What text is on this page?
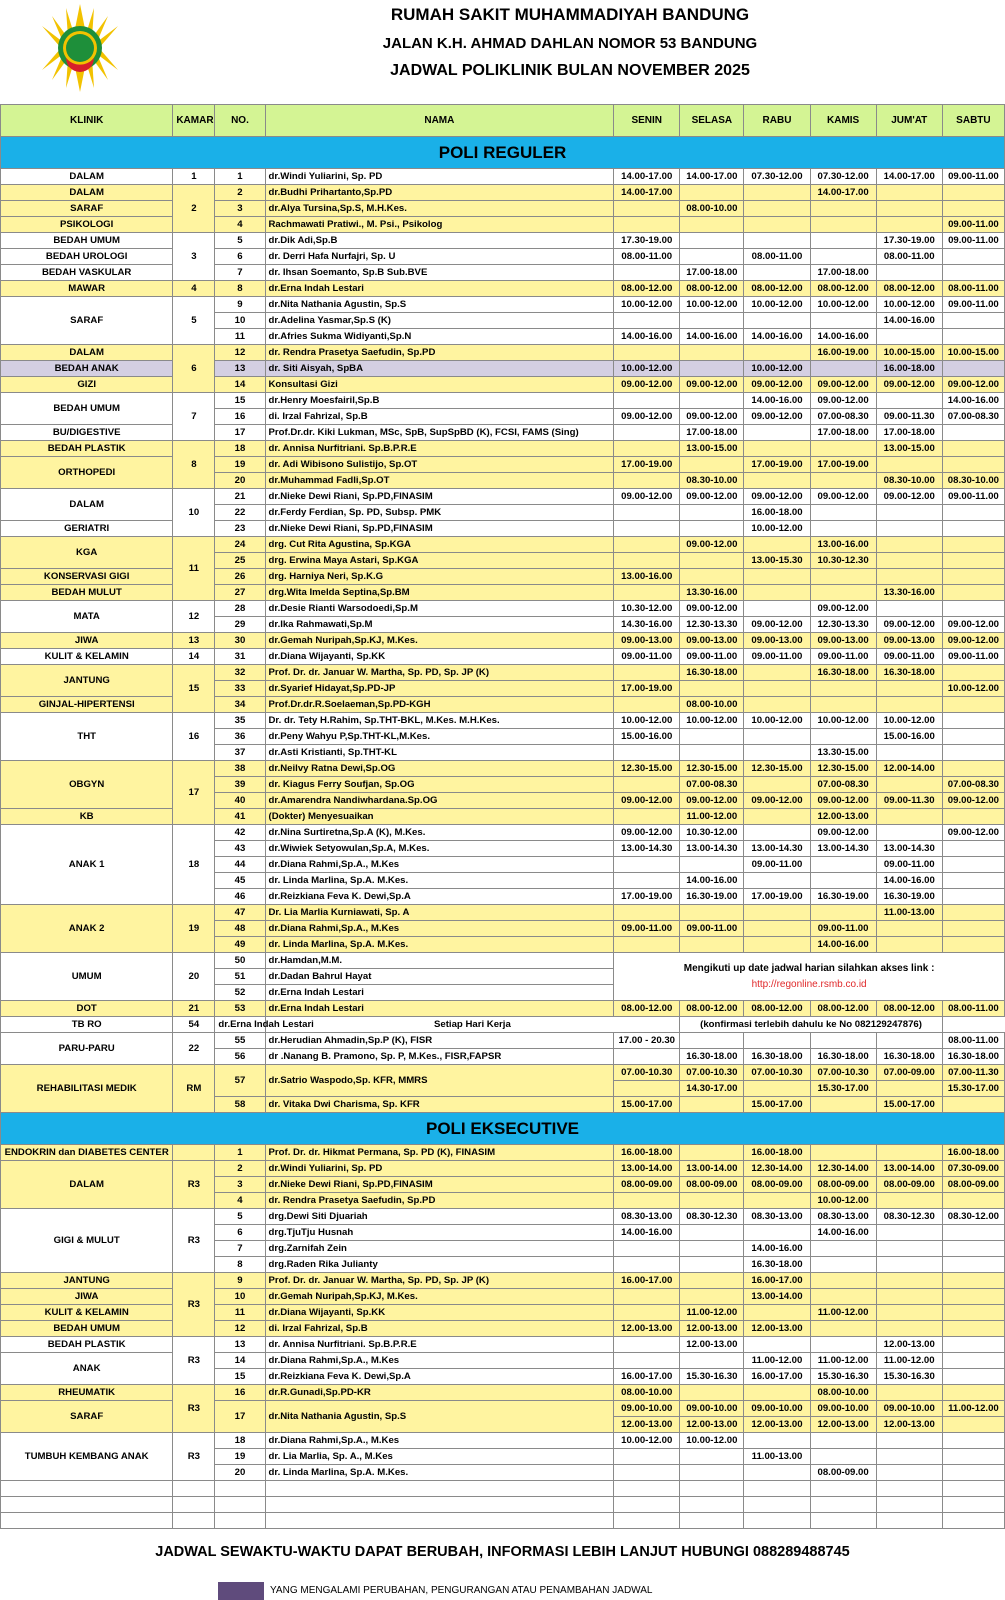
RUMAH SAKIT MUHAMMADIYAH BANDUNG
JALAN K.H. AHMAD DAHLAN NOMOR 53 BANDUNG
JADWAL POLIKLINIK BULAN NOVEMBER 2025
KLINIK	KAMAR	NO.	NAMA	SENIN	SELASA	RABU	KAMIS	JUM'AT	SABTU
POLI REGULER									
DALAM	1	1	dr.Windi Yuliarini, Sp. PD	14.00-17.00	14.00-17.00	07.30-12.00	07.30-12.00	14.00-17.00	09.00-11.00
DALAM	2	2	dr.Budhi Prihartanto,Sp.PD	14.00-17.00			14.00-17.00		
SARAF		3	dr.Alya Tursina,Sp.S, M.H.Kes.		08.00-10.00				
PSIKOLOGI		4	Rachmawati Pratiwi., M. Psi., Psikolog						09.00-11.00
BEDAH UMUM	3	5	dr.Dik Adi,Sp.B	17.30-19.00				17.30-19.00	09.00-11.00
BEDAH UROLOGI		6	dr. Derri Hafa Nurfajri, Sp. U	08.00-11.00		08.00-11.00		08.00-11.00	
BEDAH VASKULAR		7	dr. Ihsan Soemanto, Sp.B Sub.BVE		17.00-18.00		17.00-18.00		
MAWAR	4	8	dr.Erna Indah Lestari	08.00-12.00	08.00-12.00	08.00-12.00	08.00-12.00	08.00-12.00	08.00-11.00
SARAF	5	9	dr.Nita Nathania Agustin, Sp.S	10.00-12.00	10.00-12.00	10.00-12.00	10.00-12.00	10.00-12.00	09.00-11.00
		10	dr.Adelina Yasmar,Sp.S (K)					14.00-16.00	
		11	dr.Afries Sukma Widiyanti,Sp.N	14.00-16.00	14.00-16.00	14.00-16.00	14.00-16.00		
DALAM	6	12	dr. Rendra Prasetya Saefudin, Sp.PD				16.00-19.00	10.00-15.00	10.00-15.00
BEDAH ANAK		13	dr. Siti Aisyah, SpBA	10.00-12.00		10.00-12.00		16.00-18.00	
GIZI		14	Konsultasi Gizi	09.00-12.00	09.00-12.00	09.00-12.00	09.00-12.00	09.00-12.00	09.00-12.00
BEDAH UMUM	7	15	dr.Henry Moesfairil,Sp.B			14.00-16.00	09.00-12.00		14.00-16.00
		16	di. Irzal Fahrizal, Sp.B	09.00-12.00	09.00-12.00	09.00-12.00	07.00-08.30	09.00-11.30	07.00-08.30
BU/DIGESTIVE		17	Prof.Dr.dr. Kiki Lukman, MSc, SpB, SupSpBD (K), FCSI, FAMS (Sing)		17.00-18.00		17.00-18.00	17.00-18.00	
BEDAH PLASTIK	8	18	dr. Annisa Nurfitriani. Sp.B.P.R.E		13.00-15.00			13.00-15.00	
ORTHOPEDI		19	dr. Adi Wibisono Sulistijo, Sp.OT	17.00-19.00		17.00-19.00	17.00-19.00		
		20	dr.Muhammad Fadli,Sp.OT		08.30-10.00			08.30-10.00	08.30-10.00
DALAM	10	21	dr.Nieke Dewi Riani, Sp.PD,FINASIM	09.00-12.00	09.00-12.00	09.00-12.00	09.00-12.00	09.00-12.00	09.00-11.00
		22	dr.Ferdy Ferdian, Sp. PD, Subsp. PMK			16.00-18.00			
GERIATRI		23	dr.Nieke Dewi Riani, Sp.PD,FINASIM			10.00-12.00			
KGA	11	24	drg. Cut Rita Agustina, Sp.KGA		09.00-12.00		13.00-16.00		
		25	drg. Erwina Maya Astari, Sp.KGA			13.00-15.30	10.30-12.30		
KONSERVASI GIGI		26	drg. Harniya Neri, Sp.K.G	13.00-16.00					
BEDAH MULUT		27	drg.Wita Imelda Septina,Sp.BM		13.30-16.00			13.30-16.00	
MATA	12	28	dr.Desie Rianti Warsodoedi,Sp.M	10.30-12.00	09.00-12.00		09.00-12.00		
		29	dr.Ika Rahmawati,Sp.M	14.30-16.00	12.30-13.30	09.00-12.00	12.30-13.30	09.00-12.00	09.00-12.00
JIWA	13	30	dr.Gemah Nuripah,Sp.KJ, M.Kes.	09.00-13.00	09.00-13.00	09.00-13.00	09.00-13.00	09.00-13.00	09.00-12.00
KULIT & KELAMIN	14	31	dr.Diana Wijayanti, Sp.KK	09.00-11.00	09.00-11.00	09.00-11.00	09.00-11.00	09.00-11.00	09.00-11.00
JANTUNG	15	32	Prof. Dr. dr. Januar W. Martha, Sp. PD, Sp. JP (K)		16.30-18.00		16.30-18.00	16.30-18.00	
		33	dr.Syarief Hidayat,Sp.PD-JP	17.00-19.00					10.00-12.00
GINJAL-HIPERTENSI		34	Prof.Dr.dr.R.Soelaeman,Sp.PD-KGH		08.00-10.00				
THT	16	35	Dr. dr. Tety H.Rahim, Sp.THT-BKL, M.Kes. M.H.Kes.	10.00-12.00	10.00-12.00	10.00-12.00	10.00-12.00	10.00-12.00	
		36	dr.Peny Wahyu P,Sp.THT-KL,M.Kes.	15.00-16.00				15.00-16.00	
		37	dr.Asti Kristianti, Sp.THT-KL				13.30-15.00		
OBGYN	17	38	dr.Neilvy Ratna Dewi,Sp.OG	12.30-15.00	12.30-15.00	12.30-15.00	12.30-15.00	12.00-14.00	
		39	dr. Kiagus Ferry Soufjan, Sp.OG		07.00-08.30		07.00-08.30		07.00-08.30
		40	dr.Amarendra Nandiwhardana.Sp.OG	09.00-12.00	09.00-12.00	09.00-12.00	09.00-12.00	09.00-11.30	09.00-12.00
KB		41	(Dokter) Menyesuaikan		11.00-12.00		12.00-13.00		
ANAK 1	18	42	dr.Nina Surtiretna,Sp.A (K), M.Kes.	09.00-12.00	10.30-12.00		09.00-12.00		09.00-12.00
		43	dr.Wiwiek Setyowulan,Sp.A, M.Kes.	13.00-14.30	13.00-14.30	13.00-14.30	13.00-14.30	13.00-14.30	
		44	dr.Diana Rahmi,Sp.A., M.Kes			09.00-11.00		09.00-11.00	
		45	dr. Linda Marlina, Sp.A. M.Kes.		14.00-16.00			14.00-16.00	
		46	dr.Reizkiana Feva K. Dewi,Sp.A	17.00-19.00	16.30-19.00	17.00-19.00	16.30-19.00	16.30-19.00	
ANAK 2	19	47	Dr. Lia Marlia Kurniawati, Sp. A					11.00-13.00	
		48	dr.Diana Rahmi,Sp.A., M.Kes	09.00-11.00	09.00-11.00		09.00-11.00		
		49	dr. Linda Marlina, Sp.A. M.Kes.				14.00-16.00		
UMUM	20	50	dr.Hamdan,M.M.	Mengikuti up date jadwal harian silahkan akses link :
http://regonline.rsmb.co.id					

		51	dr.Dadan Bahrul Hayat						
		52	dr.Erna Indah Lestari						
DOT	21	53	dr.Erna Indah Lestari	08.00-12.00	08.00-12.00	08.00-12.00	08.00-12.00	08.00-12.00	08.00-11.00
TB RO	54	dr.Erna Indah Lestari	Setiap Hari Kerja		(konfirmasi terlebih dahulu ke No 082129247876)				
PARU-PARU	22	55	dr.Herudian Ahmadin,Sp.P (K), FISR	17.00 - 20.30					08.00-11.00
		56	dr .Nanang B. Pramono, Sp. P, M.Kes., FISR,FAPSR		16.30-18.00	16.30-18.00	16.30-18.00	16.30-18.00	16.30-18.00
REHABILITASI MEDIK	RM	57	dr.Satrio Waspodo,Sp. KFR, MMRS	07.00-10.30	07.00-10.30	07.00-10.30	07.00-10.30	07.00-09.00	07.00-11.30
					14.30-17.00		15.30-17.00		15.30-17.00
		58	dr. Vitaka Dwi Charisma, Sp. KFR	15.00-17.00		15.00-17.00		15.00-17.00	
POLI EKSECUTIVE									
ENDOKRIN dan DIABETES CENTER		1	Prof. Dr. dr. Hikmat Permana, Sp. PD (K), FINASIM	16.00-18.00		16.00-18.00			16.00-18.00
DALAM	R3	2	dr.Windi Yuliarini, Sp. PD	13.00-14.00	13.00-14.00	12.30-14.00	12.30-14.00	13.00-14.00	07.30-09.00
		3	dr.Nieke Dewi Riani, Sp.PD,FINASIM	08.00-09.00	08.00-09.00	08.00-09.00	08.00-09.00	08.00-09.00	08.00-09.00
		4	dr. Rendra Prasetya Saefudin, Sp.PD				10.00-12.00		
GIGI & MULUT	R3	5	drg.Dewi Siti Djuariah	08.30-13.00	08.30-12.30	08.30-13.00	08.30-13.00	08.30-12.30	08.30-12.00
		6	drg.TjuTju Husnah	14.00-16.00			14.00-16.00		
		7	drg.Zarnifah Zein			14.00-16.00			
		8	drg.Raden Rika Julianty			16.30-18.00			
JANTUNG	R3	9	Prof. Dr. dr. Januar W. Martha, Sp. PD, Sp. JP (K)	16.00-17.00		16.00-17.00			
JIWA		10	dr.Gemah Nuripah,Sp.KJ, M.Kes.			13.00-14.00			
KULIT & KELAMIN		11	dr.Diana Wijayanti, Sp.KK		11.00-12.00		11.00-12.00		
BEDAH UMUM		12	di. Irzal Fahrizal, Sp.B	12.00-13.00	12.00-13.00	12.00-13.00			
BEDAH PLASTIK	R3	13	dr. Annisa Nurfitriani. Sp.B.P.R.E		12.00-13.00			12.00-13.00	
ANAK		14	dr.Diana Rahmi,Sp.A., M.Kes			11.00-12.00	11.00-12.00	11.00-12.00	
		15	dr.Reizkiana Feva K. Dewi,Sp.A	16.00-17.00	15.30-16.30	16.00-17.00	15.30-16.30	15.30-16.30	
RHEUMATIK	R3	16	dr.R.Gunadi,Sp.PD-KR	08.00-10.00			08.00-10.00		
SARAF		17	dr.Nita Nathania Agustin, Sp.S	09.00-10.00	09.00-10.00	09.00-10.00	09.00-10.00	09.00-10.00	11.00-12.00
				12.00-13.00	12.00-13.00	12.00-13.00	12.00-13.00	12.00-13.00	
TUMBUH KEMBANG ANAK	R3	18	dr.Diana Rahmi,Sp.A., M.Kes	10.00-12.00	10.00-12.00				
		19	dr. Lia Marlia, Sp. A., M.Kes			11.00-13.00			
		20	dr. Linda Marlina, Sp.A. M.Kes.				08.00-09.00		

JADWAL SEWAKTU-WAKTU DAPAT BERUBAH, INFORMASI LEBIH LANJUT HUBUNGI 088289488745
YANG MENGALAMI PERUBAHAN, PENGURANGAN ATAU PENAMBAHAN JADWAL
